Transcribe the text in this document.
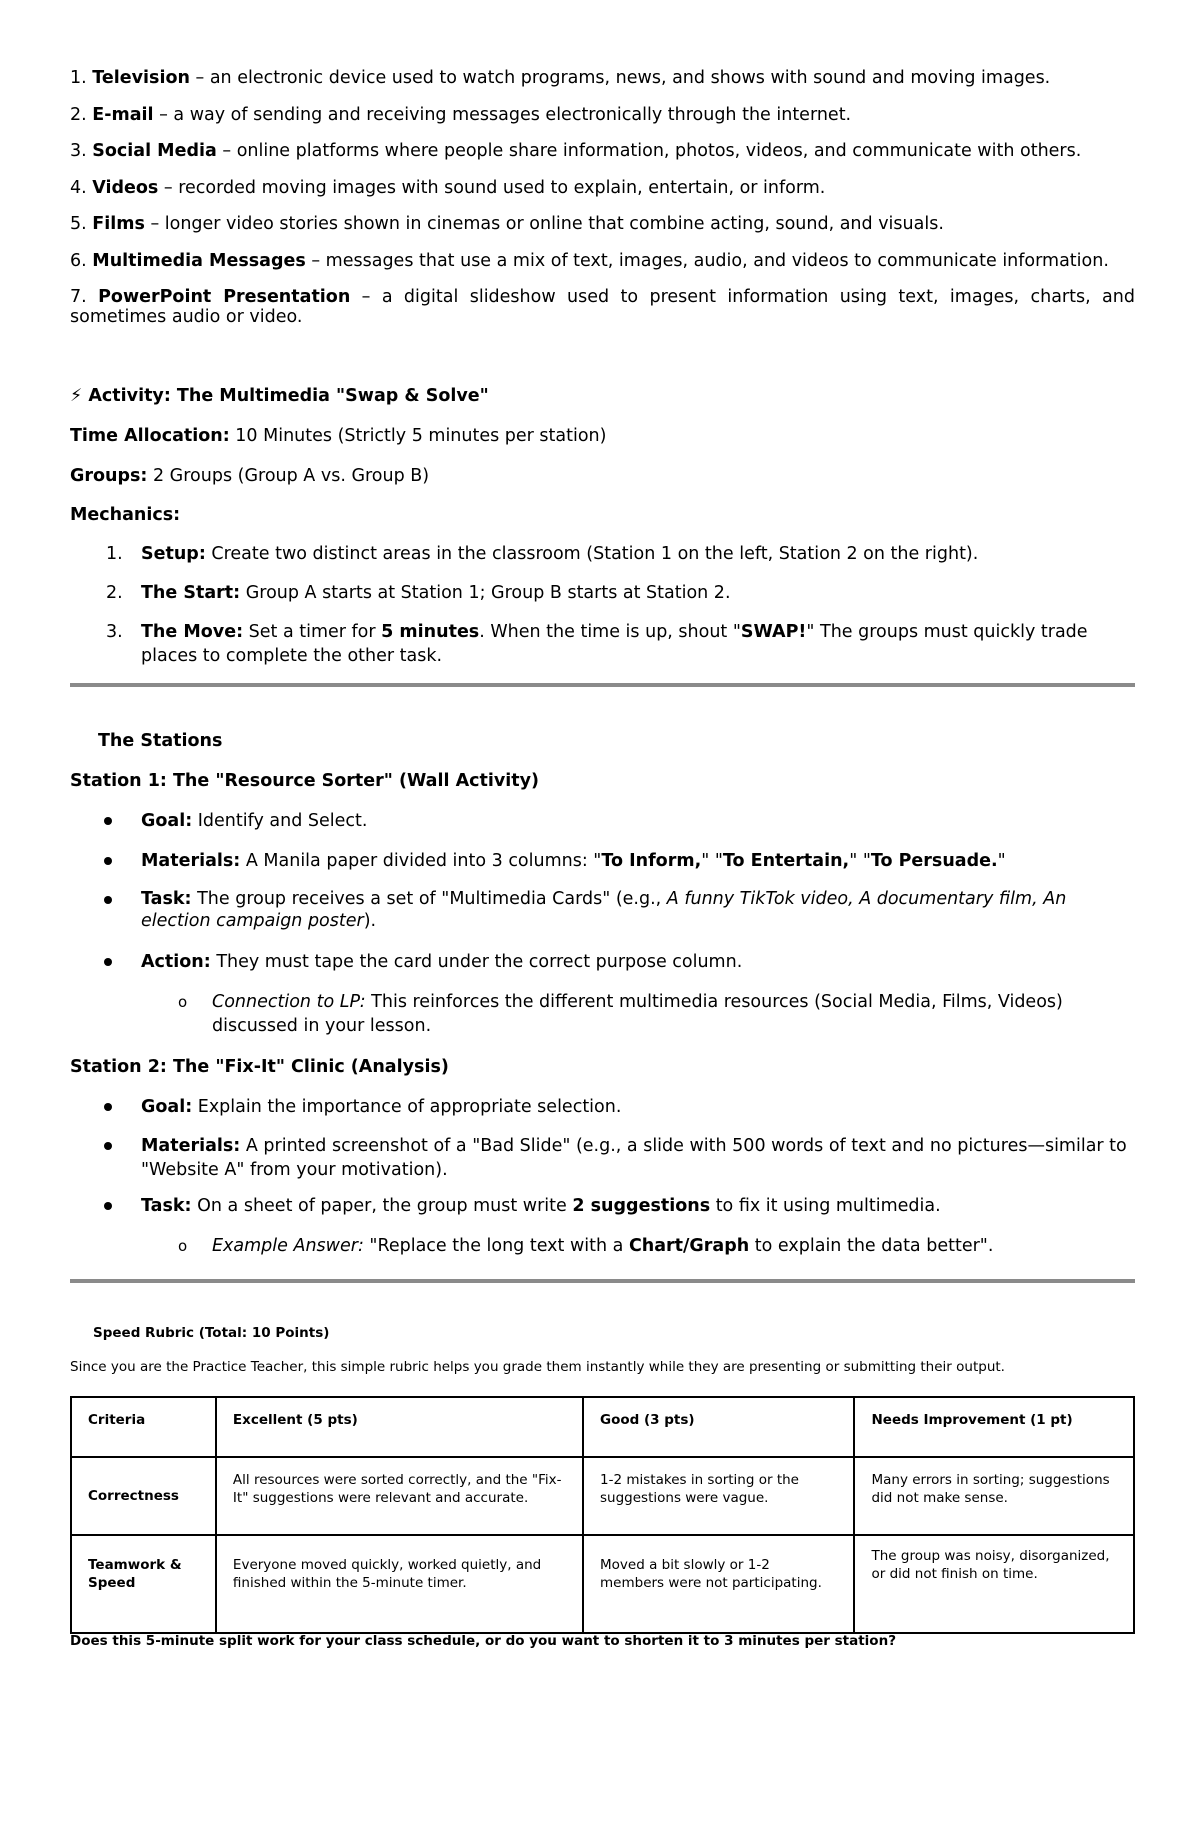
1. Television – an electronic device used to watch programs, news, and shows with sound and moving images.

2. E-mail – a way of sending and receiving messages electronically through the internet.

3. Social Media – online platforms where people share information, photos, videos, and communicate with others.

4. Videos – recorded moving images with sound used to explain, entertain, or inform.

5. Films – longer video stories shown in cinemas or online that combine acting, sound, and visuals.

6. Multimedia Messages – messages that use a mix of text, images, audio, and videos to communicate information.

7. PowerPoint Presentation – a digital slideshow used to present information using text, images, charts, and sometimes audio or video.

⚡ Activity: The Multimedia "Swap & Solve"

Time Allocation: 10 Minutes (Strictly 5 minutes per station)

Groups: 2 Groups (Group A vs. Group B)

Mechanics:

1. Setup: Create two distinct areas in the classroom (Station 1 on the left, Station 2 on the right).
2. The Start: Group A starts at Station 1; Group B starts at Station 2.
3. The Move: Set a timer for 5 minutes. When the time is up, shout "SWAP!" The groups must quickly trade places to complete the other task.

The Stations

Station 1: The "Resource Sorter" (Wall Activity)

Goal: Identify and Select.
Materials: A Manila paper divided into 3 columns: "To Inform," "To Entertain," "To Persuade."
Task: The group receives a set of "Multimedia Cards" (e.g., A funny TikTok video, A documentary film, An election campaign poster).
Action: They must tape the card under the correct purpose column.
o Connection to LP: This reinforces the different multimedia resources (Social Media, Films, Videos) discussed in your lesson.

Station 2: The "Fix-It" Clinic (Analysis)

Goal: Explain the importance of appropriate selection.
Materials: A printed screenshot of a "Bad Slide" (e.g., a slide with 500 words of text and no pictures—similar to "Website A" from your motivation).
Task: On a sheet of paper, the group must write 2 suggestions to fix it using multimedia.
o Example Answer: "Replace the long text with a Chart/Graph to explain the data better".

Speed Rubric (Total: 10 Points)

Since you are the Practice Teacher, this simple rubric helps you grade them instantly while they are presenting or submitting their output.

Criteria	Excellent (5 pts)	Good (3 pts)	Needs Improvement (1 pt)
Correctness	All resources were sorted correctly, and the "Fix-It" suggestions were relevant and accurate.	1-2 mistakes in sorting or the suggestions were vague.	Many errors in sorting; suggestions did not make sense.
Teamwork & Speed	Everyone moved quickly, worked quietly, and finished within the 5-minute timer.	Moved a bit slowly or 1-2 members were not participating.	The group was noisy, disorganized, or did not finish on time.

Does this 5-minute split work for your class schedule, or do you want to shorten it to 3 minutes per station?
